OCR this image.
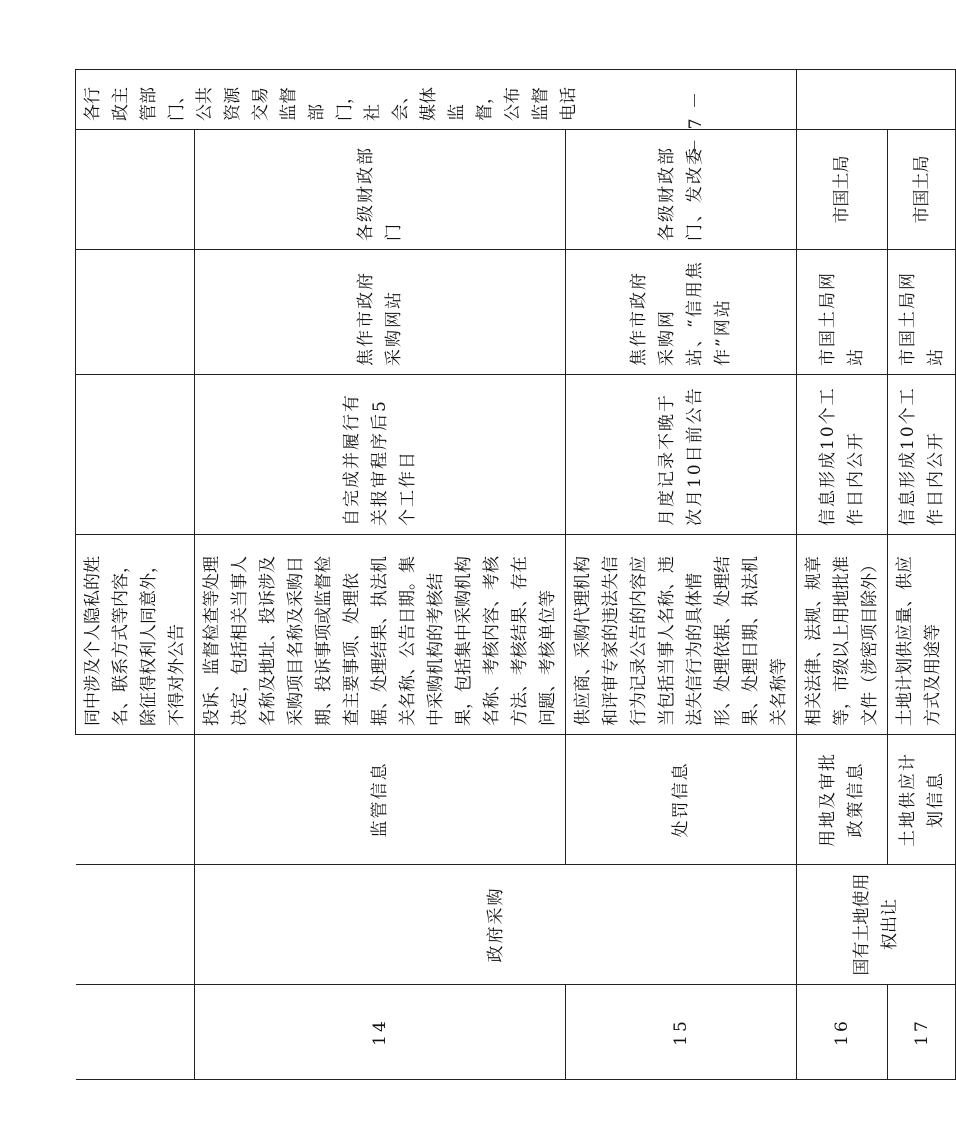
－ 7 －
			同中涉及个人隐私的姓名、联系方式等内容，除征得权利人同意外，不得对外公告				各行政主管部门、公共资源交易监督部门，社会、媒体监督，公布监督电话
14	政府采购	监管信息	投诉、监督检查等处理决定，包括相关当事人名称及地址、投诉涉及采购项目名称及采购日期、投诉事项或监督检查主要事项、处理依据、处理结果、执法机关名称、公告日期。集中采购机构的考核结果，包括集中采购机构名称、考核内容、考核方法、考核结果、存在问题、考核单位等	自完成并履行有关报审程序后5个工作日	焦作市政府采购网站	各级财政部门	
15		处罚信息	供应商、采购代理机构和评审专家的违法失信行为记录公告的内容应当包括当事人名称、违法失信行为的具体情形、处理依据、处理结果、处理日期、执法机关名称等	月度记录不晚于次月10日前公告	焦作市政府采购网站、“信用焦作”网站	各级财政部门、发改委	
16	国有土地使用权出让	用地及审批政策信息	相关法律、法规、规章等，市级以上用地批准文件（涉密项目除外）	信息形成10个工作日内公开	市国土局网站	市国土局	
17		土地供应计划信息	土地计划供应量、供应方式及用途等	信息形成10个工作日内公开	市国土局网站	市国土局	
